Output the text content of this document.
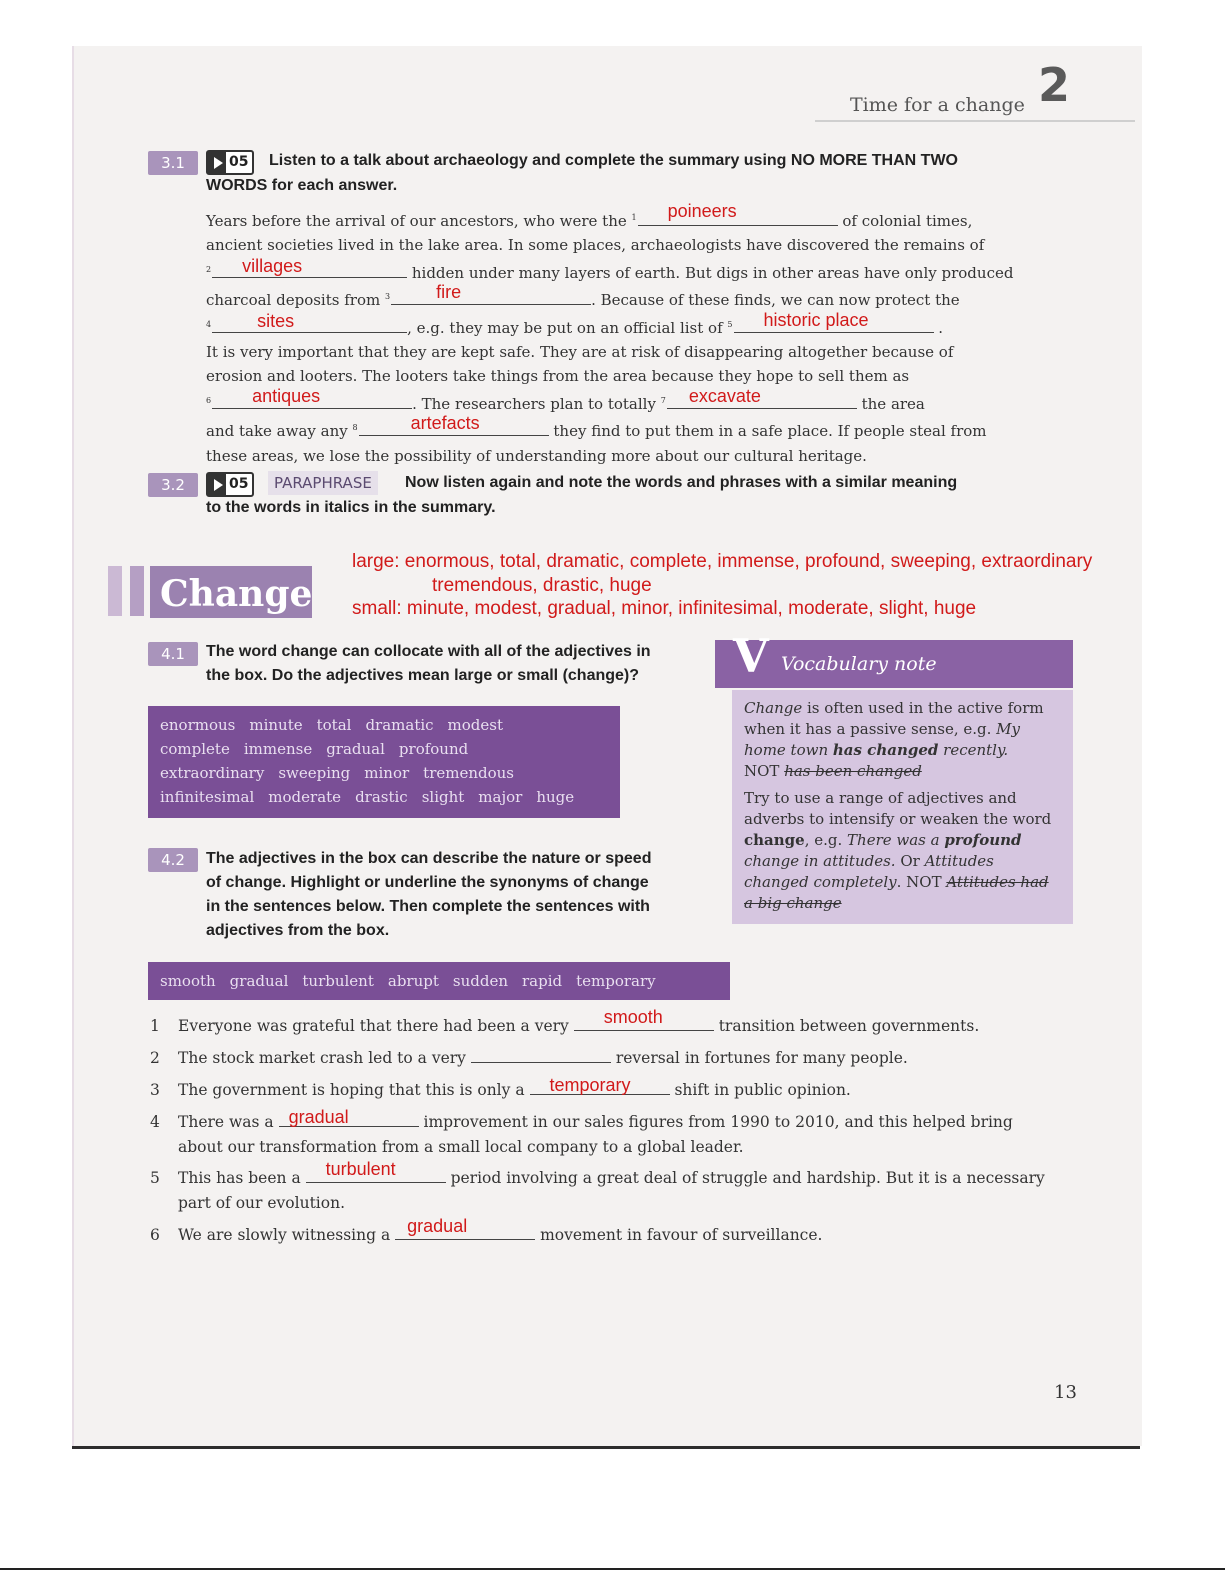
Time for a change 2
3.1	05 Listen to a talk about archaeology and complete the summary using NO MORE THAN TWO
WORDS for each answer.

Years before the arrival of our ancestors, who were the $^1$ poineers	of colonial times,

ancient societies lived in the lake area. In some places, archaeologists have discovered the remains of

$^2$ villages	hidden under many layers of earth. But digs in other areas have only produced

charcoal deposits from $^3$	fire	. Because of these finds, we can now protect the

$^4$	sites	, e.g. they may be put on an official list of $^5$ historic place	.

It is very important that they are kept safe. They are at risk of disappearing altogether because of

erosion and looters. The looters take things from the area because they hope to sell them as

$^6$ antiques	. The researchers plan to totally $^7$ excavate	the area

and take away any $^8$	artefacts	they find to put them in a safe place. If people steal from

these areas, we lose the possibility of understanding more about our cultural heritage.

3.2	05	PARAPHRASE	Now listen again and note the words and phrases with a similar meaning
to the words in italics in the summary.
Change
large: enormous, total, dramatic, complete, immense, profound, sweeping, extraordinary
tremendous, drastic, huge
small: minute, modest, gradual, minor, infinitesimal, moderate, slight, huge
4.1	The word change can collocate with all of the adjectives in
the box. Do the adjectives mean large or small (change)?
enormous minute total dramatic modest
complete immense gradual profound
extraordinary sweeping minor tremendous
infinitesimal moderate drastic slight major huge
V Vocabulary note

Change is often used in the active form when it has a passive sense, e.g. My home town has changed recently.
NOT has been changed

Try to use a range of adjectives and adverbs to intensify or weaken the word change, e.g. There was a profound change in attitudes. Or Attitudes changed completely. NOT Attitudes had a big change

4.2	The adjectives in the box can describe the nature or speed
of change. Highlight or underline the synonyms of change
in the sentences below. Then complete the sentences with
adjectives from the box.
smooth gradual turbulent abrupt sudden rapid temporary
1 Everyone was grateful that there had been a very smooth	transition between governments.
2 The stock market crash led to a very	reversal in fortunes for many people.
3 The government is hoping that this is only a temporary	shift in public opinion.
4 There was a gradual	improvement in our sales figures from 1990 to 2010, and this helped bring
about our transformation from a small local company to a global leader.
5 This has been a turbulent	period involving a great deal of struggle and hardship. But it is a necessary
part of our evolution.
6 We are slowly witnessing a gradual	movement in favour of surveillance.
13
